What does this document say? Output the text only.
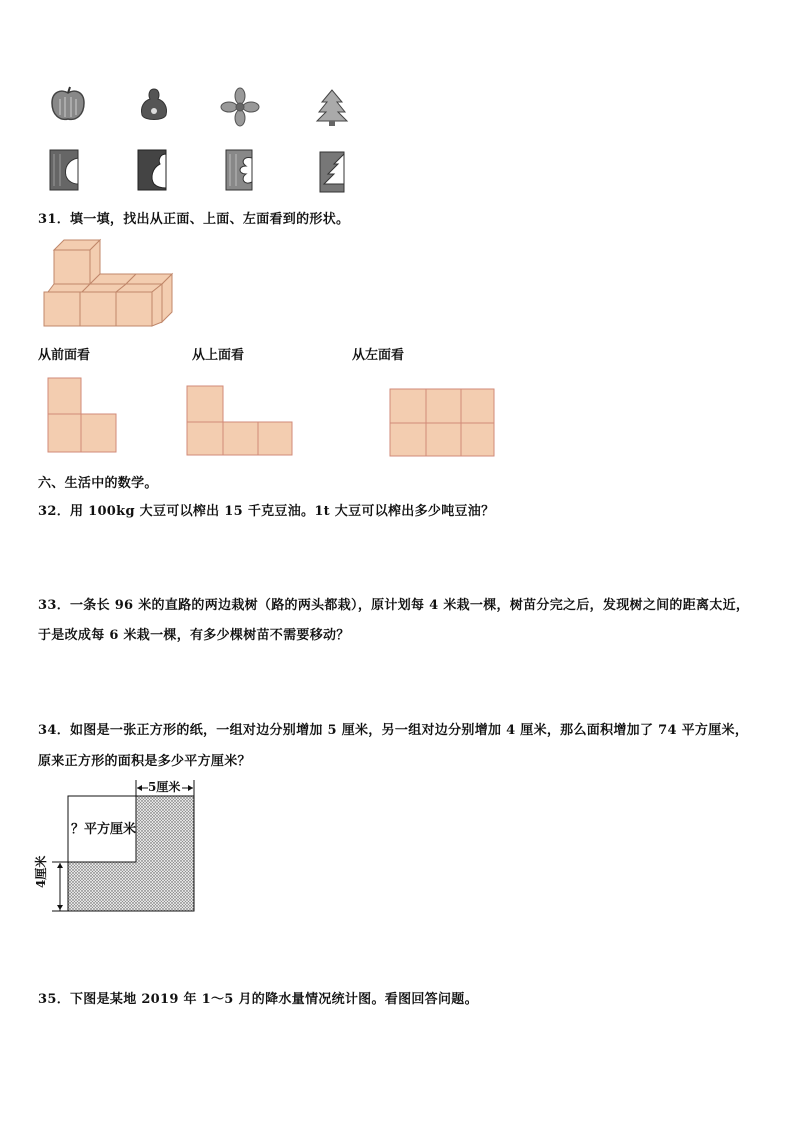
31．填一填，找出从正面、上面、左面看到的形状。
从前面看	从上面看	从左面看
六、生活中的数学。
32．用 100kg 大豆可以榨出 15 千克豆油。1t 大豆可以榨出多少吨豆油？
33．一条长 96 米的直路的两边栽树（路的两头都栽），原计划每 4 米栽一棵，树苗分完之后，发现树之间的距离太近，
于是改成每 6 米栽一棵，有多少棵树苗不需要移动？
34．如图是一张正方形的纸，一组对边分别增加 5 厘米，另一组对边分别增加 4 厘米，那么面积增加了 74 平方厘米，
原来正方形的面积是多少平方厘米？
5厘米
4厘米
？平方厘米
35．下图是某地 2019 年 1～5 月的降水量情况统计图。看图回答问题。
